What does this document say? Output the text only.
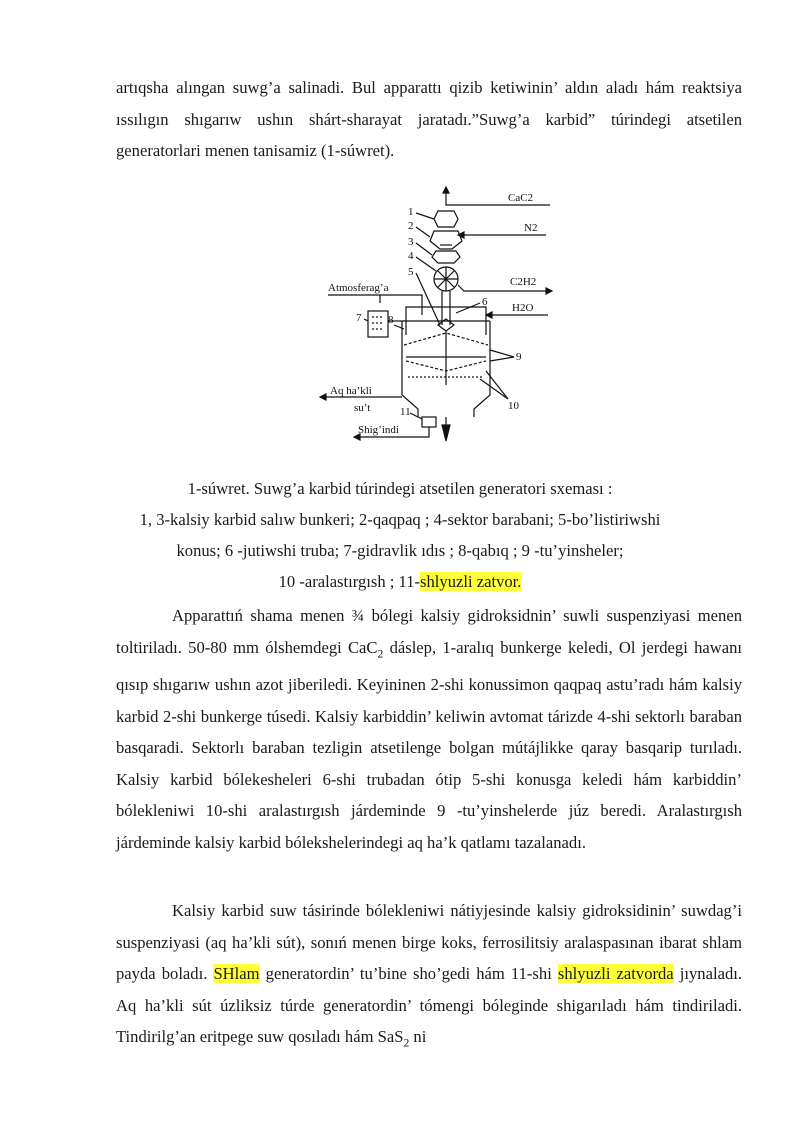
artıqsha alıngan suwg’a salinadi. Bul apparattı qizib ketiwinin’ aldın aladı hám reaktsiya ıssılıgın shıgarıw ushın shárt-sharayat jaratadı.”Suwg’a karbid” túrindegi atsetilen generatorlari menen tanisamiz (1-súwret).

CaC2
N2
C2H2
H2O
Atmosferag’a
Aq ha’kli
su’t
Shig’indi
1
2
3
4
5
6
7 8
9
10
11

1-súwret. Suwg’a karbid túrindegi atsetilen generatori sxeması :

1, 3-kalsiy karbid salıw bunkeri; 2-qaqpaq ; 4-sektor barabani; 5-bo’listiriwshi

konus; 6 -jutiwshi truba; 7-gidravlik ıdıs ; 8-qabıq ; 9 -tu’yinsheler;

10 -aralastırgısh ; 11-shlyuzli zatvor.

Apparattıń shama menen ¾ bólegi kalsiy gidroksidnin’ suwli suspenziyasi menen toltiriladı. 50-80 mm ólshemdegi CaC$_2$ dáslep, 1-aralıq bunkerge keledi, Ol jerdegi hawanı qısıp shıgarıw ushın azot jiberiledi. Keyininen 2-shi konussimon qaqpaq astu’radı hám kalsiy karbid 2-shi bunkerge túsedi. Kalsiy karbiddin’ keliwin avtomat tárizde 4-shi sektorlı baraban basqaradi. Sektorlı baraban tezligin atsetilenge bolgan mútájlikke qaray basqarip turıladı. Kalsiy karbid bólekesheleri 6-shi trubadan ótip 5-shi konusga keledi hám karbiddin’ bólekleniwi 10-shi aralastırgısh járdeminde 9 -tu’yinshelerde júz beredi. Aralastırgısh járdeminde kalsiy karbid bólekshelerindegi aq ha’k qatlamı tazalanadı.

Kalsiy karbid suw tásirinde bólekleniwi nátiyjesinde kalsiy gidroksidinin’ suwdag’i suspenziyasi (aq ha’kli sút), sonıń menen birge koks, ferrosilitsiy aralaspasınan ibarat shlam payda boladı. SHlam generatordin’ tu’bine sho’gedi hám 11-shi shlyuzli zatvorda jıynaladı. Aq ha’kli sút úzliksiz túrde generatordin’ tómengi bóleginde shigarıladı hám tindiriladi. Tindirilg’an eritpege suw qosıladı hám SaS$_2$ ni
